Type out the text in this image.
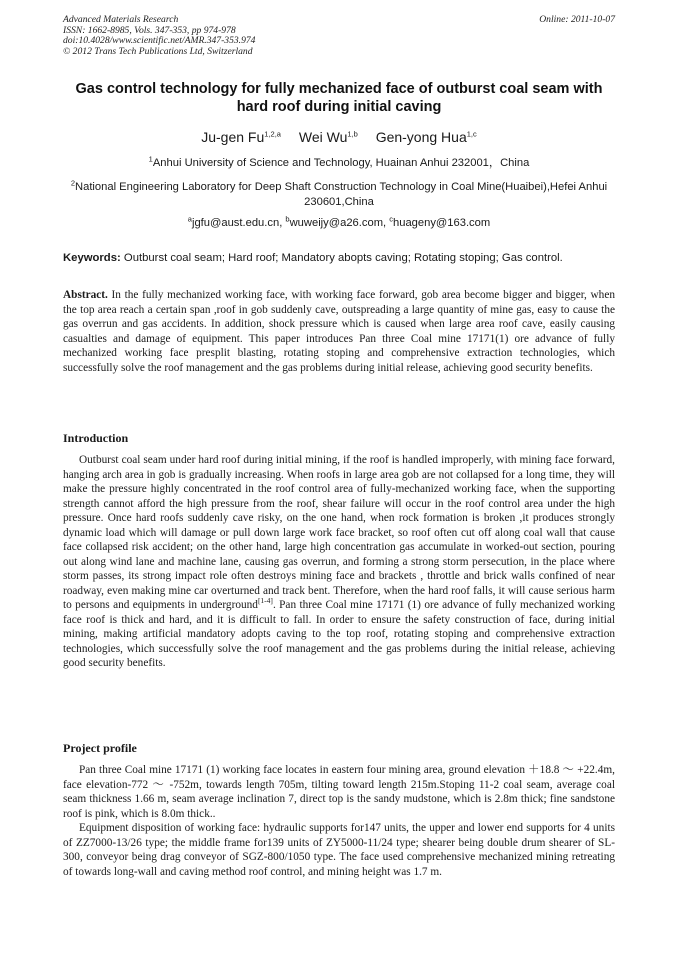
Advanced Materials Research
ISSN: 1662-8985, Vols. 347-353, pp 974-978
doi:10.4028/www.scientific.net/AMR.347-353.974
© 2012 Trans Tech Publications Ltd, Switzerland
Online: 2011-10-07
Gas control technology for fully mechanized face of outburst coal seam with hard roof during initial caving
Ju-gen Fu$^{1,2,a}$ Wei Wu$^{1,b}$ Gen-yong Hua$^{1,c}$
$^1$Anhui University of Science and Technology, Huainan Anhui 232001，China
$^2$National Engineering Laboratory for Deep Shaft Construction Technology in Coal Mine(Huaibei),Hefei Anhui 230601,China
$^a$jgfu@aust.edu.cn, $^b$wuweijy@a26.com, $^c$huageny@163.com
Keywords: Outburst coal seam; Hard roof; Mandatory abopts caving; Rotating stoping; Gas control.
Abstract. In the fully mechanized working face, with working face forward, gob area become bigger and bigger, when the top area reach a certain span ,roof in gob suddenly cave, outspreading a large quantity of mine gas, easy to cause the gas overrun and gas accidents. In addition, shock pressure which is caused when large area roof cave, easily causing casualties and damage of equipment. This paper introduces Pan three Coal mine 17171(1) ore advance of fully mechanized working face presplit blasting, rotating stoping and comprehensive extraction technologies, which successfully solve the roof management and the gas problems during initial release, achieving good security benefits.
Introduction
Outburst coal seam under hard roof during initial mining, if the roof is handled improperly, with mining face forward, hanging arch area in gob is gradually increasing. When roofs in large area gob are not collapsed for a long time, they will make the pressure highly concentrated in the roof control area of fully-mechanized working face, when the supporting strength cannot afford the high pressure from the roof, shear failure will occur in the roof control area under the high pressure. Once hard roofs suddenly cave risky, on the one hand, when rock formation is broken ,it produces strongly dynamic load which will damage or pull down large work face bracket, so roof often cut off along coal wall that cause face collapsed risk accident; on the other hand, large high concentration gas accumulate in worked-out section, pouring out along wind lane and machine lane, causing gas overrun, and forming a strong storm persecution, in the place where storm passes, its strong impact role often destroys mining face and brackets , throttle and brick walls confined of near roadway, even making mine car overturned and track bent. Therefore, when the hard roof falls, it will cause serious harm to persons and equipments in underground[1-4]. Pan three Coal mine 17171 (1) ore advance of fully mechanized working face roof is thick and hard, and it is difficult to fall. In order to ensure the safety construction of face, during initial mining, making artificial mandatory adopts caving to the top roof, rotating stoping and comprehensive extraction technologies, which successfully solve the roof management and the gas problems during the initial release, achieving good security benefits.
Project profile
Pan three Coal mine 17171 (1) working face locates in eastern four mining area, ground elevation ＋18.8 ～ +22.4m, face elevation-772 ～ -752m, towards length 705m, tilting toward length 215m.Stoping 11-2 coal seam, average coal seam thickness 1.66 m, seam average inclination 7, direct top is the sandy mudstone, which is 2.8m thick; fine sandstone roof is pink, which is 8.0m thick..
Equipment disposition of working face: hydraulic supports for147 units, the upper and lower end supports for 4 units of ZZ7000-13/26 type; the middle frame for139 units of ZY5000-11/24 type; shearer being double drum shearer of SL-300, conveyor being drag conveyor of SGZ-800/1050 type. The face used comprehensive mechanized mining retreating of towards long-wall and caving method roof control, and mining height was 1.7 m.
